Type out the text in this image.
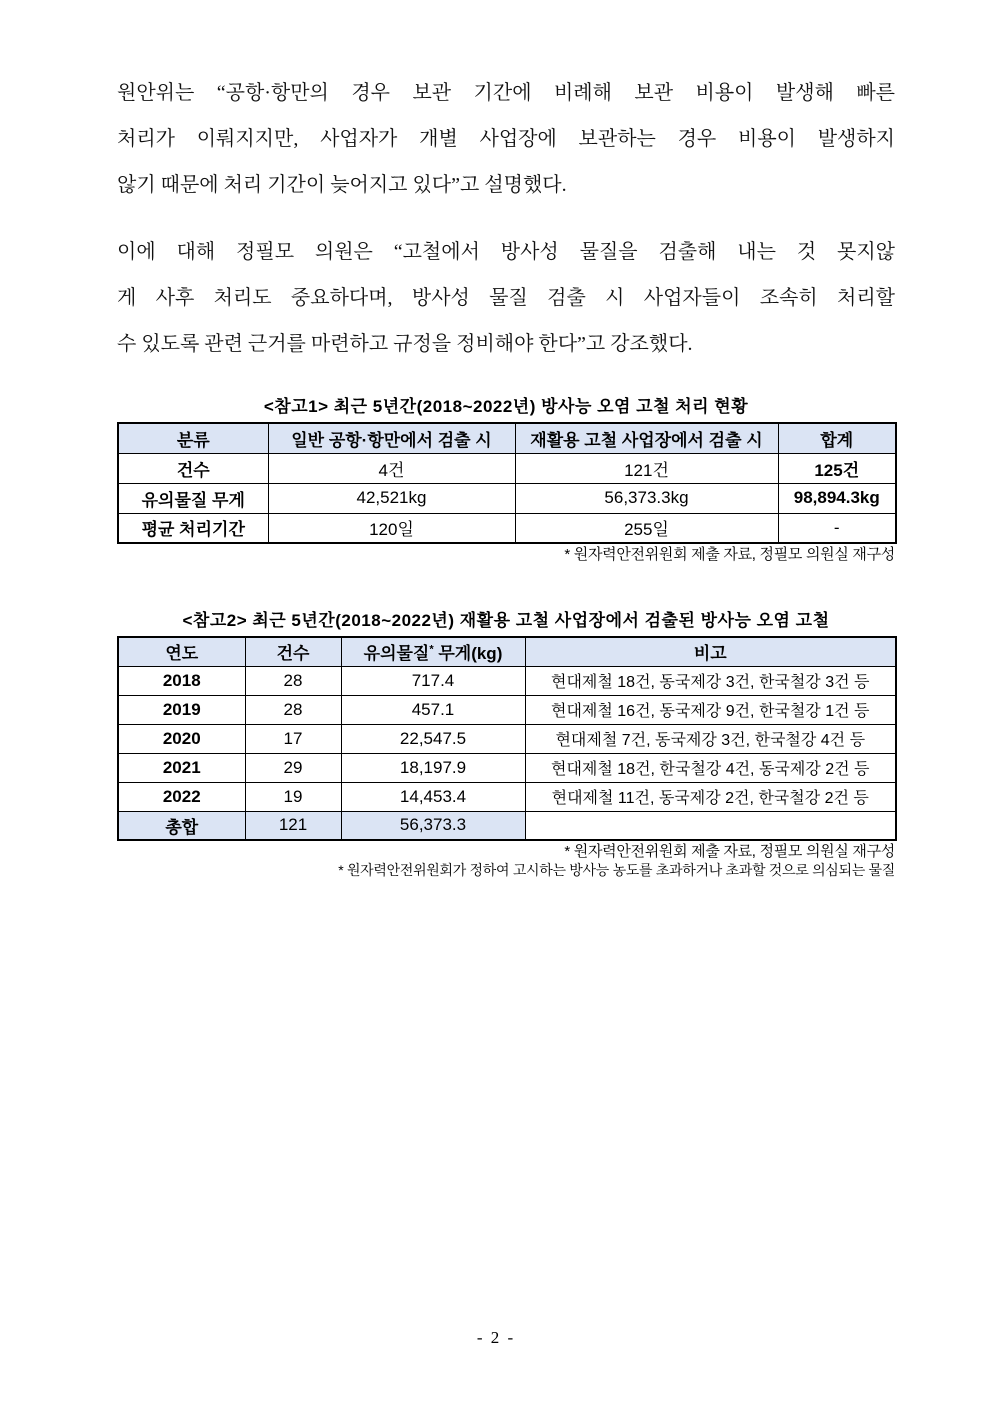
원안위는 “공항·항만의 경우 보관 기간에 비례해 보관 비용이 발생해 빠른
처리가 이뤄지지만, 사업자가 개별 사업장에 보관하는 경우 비용이 발생하지
않기 때문에 처리 기간이 늦어지고 있다”고 설명했다.
이에 대해 정필모 의원은 “고철에서 방사성 물질을 검출해 내는 것 못지않
게 사후 처리도 중요하다며, 방사성 물질 검출 시 사업자들이 조속히 처리할
수 있도록 관련 근거를 마련하고 규정을 정비해야 한다”고 강조했다.
<참고1> 최근 5년간(2018~2022년) 방사능 오염 고철 처리 현황
분류	일반 공항·항만에서 검출 시	재활용 고철 사업장에서 검출 시	합계
건수	4건	121건	125건
유의물질 무게	42,521kg	56,373.3kg	98,894.3kg
평균 처리기간	120일	255일	-
* 원자력안전위원회 제출 자료, 정필모 의원실 재구성
<참고2> 최근 5년간(2018~2022년) 재활용 고철 사업장에서 검출된 방사능 오염 고철
연도	건수	유의물질* 무게(kg)	비고
2018	28	717.4	현대제철 18건, 동국제강 3건, 한국철강 3건 등
2019	28	457.1	현대제철 16건, 동국제강 9건, 한국철강 1건 등
2020	17	22,547.5	현대제철 7건, 동국제강 3건, 한국철강 4건 등
2021	29	18,197.9	현대제철 18건, 한국철강 4건, 동국제강 2건 등
2022	19	14,453.4	현대제철 11건, 동국제강 2건, 한국철강 2건 등
총합	121	56,373.3	
* 원자력안전위원회 제출 자료, 정필모 의원실 재구성
* 원자력안전위원회가 정하여 고시하는 방사능 농도를 초과하거나 초과할 것으로 의심되는 물질
- 2 -
